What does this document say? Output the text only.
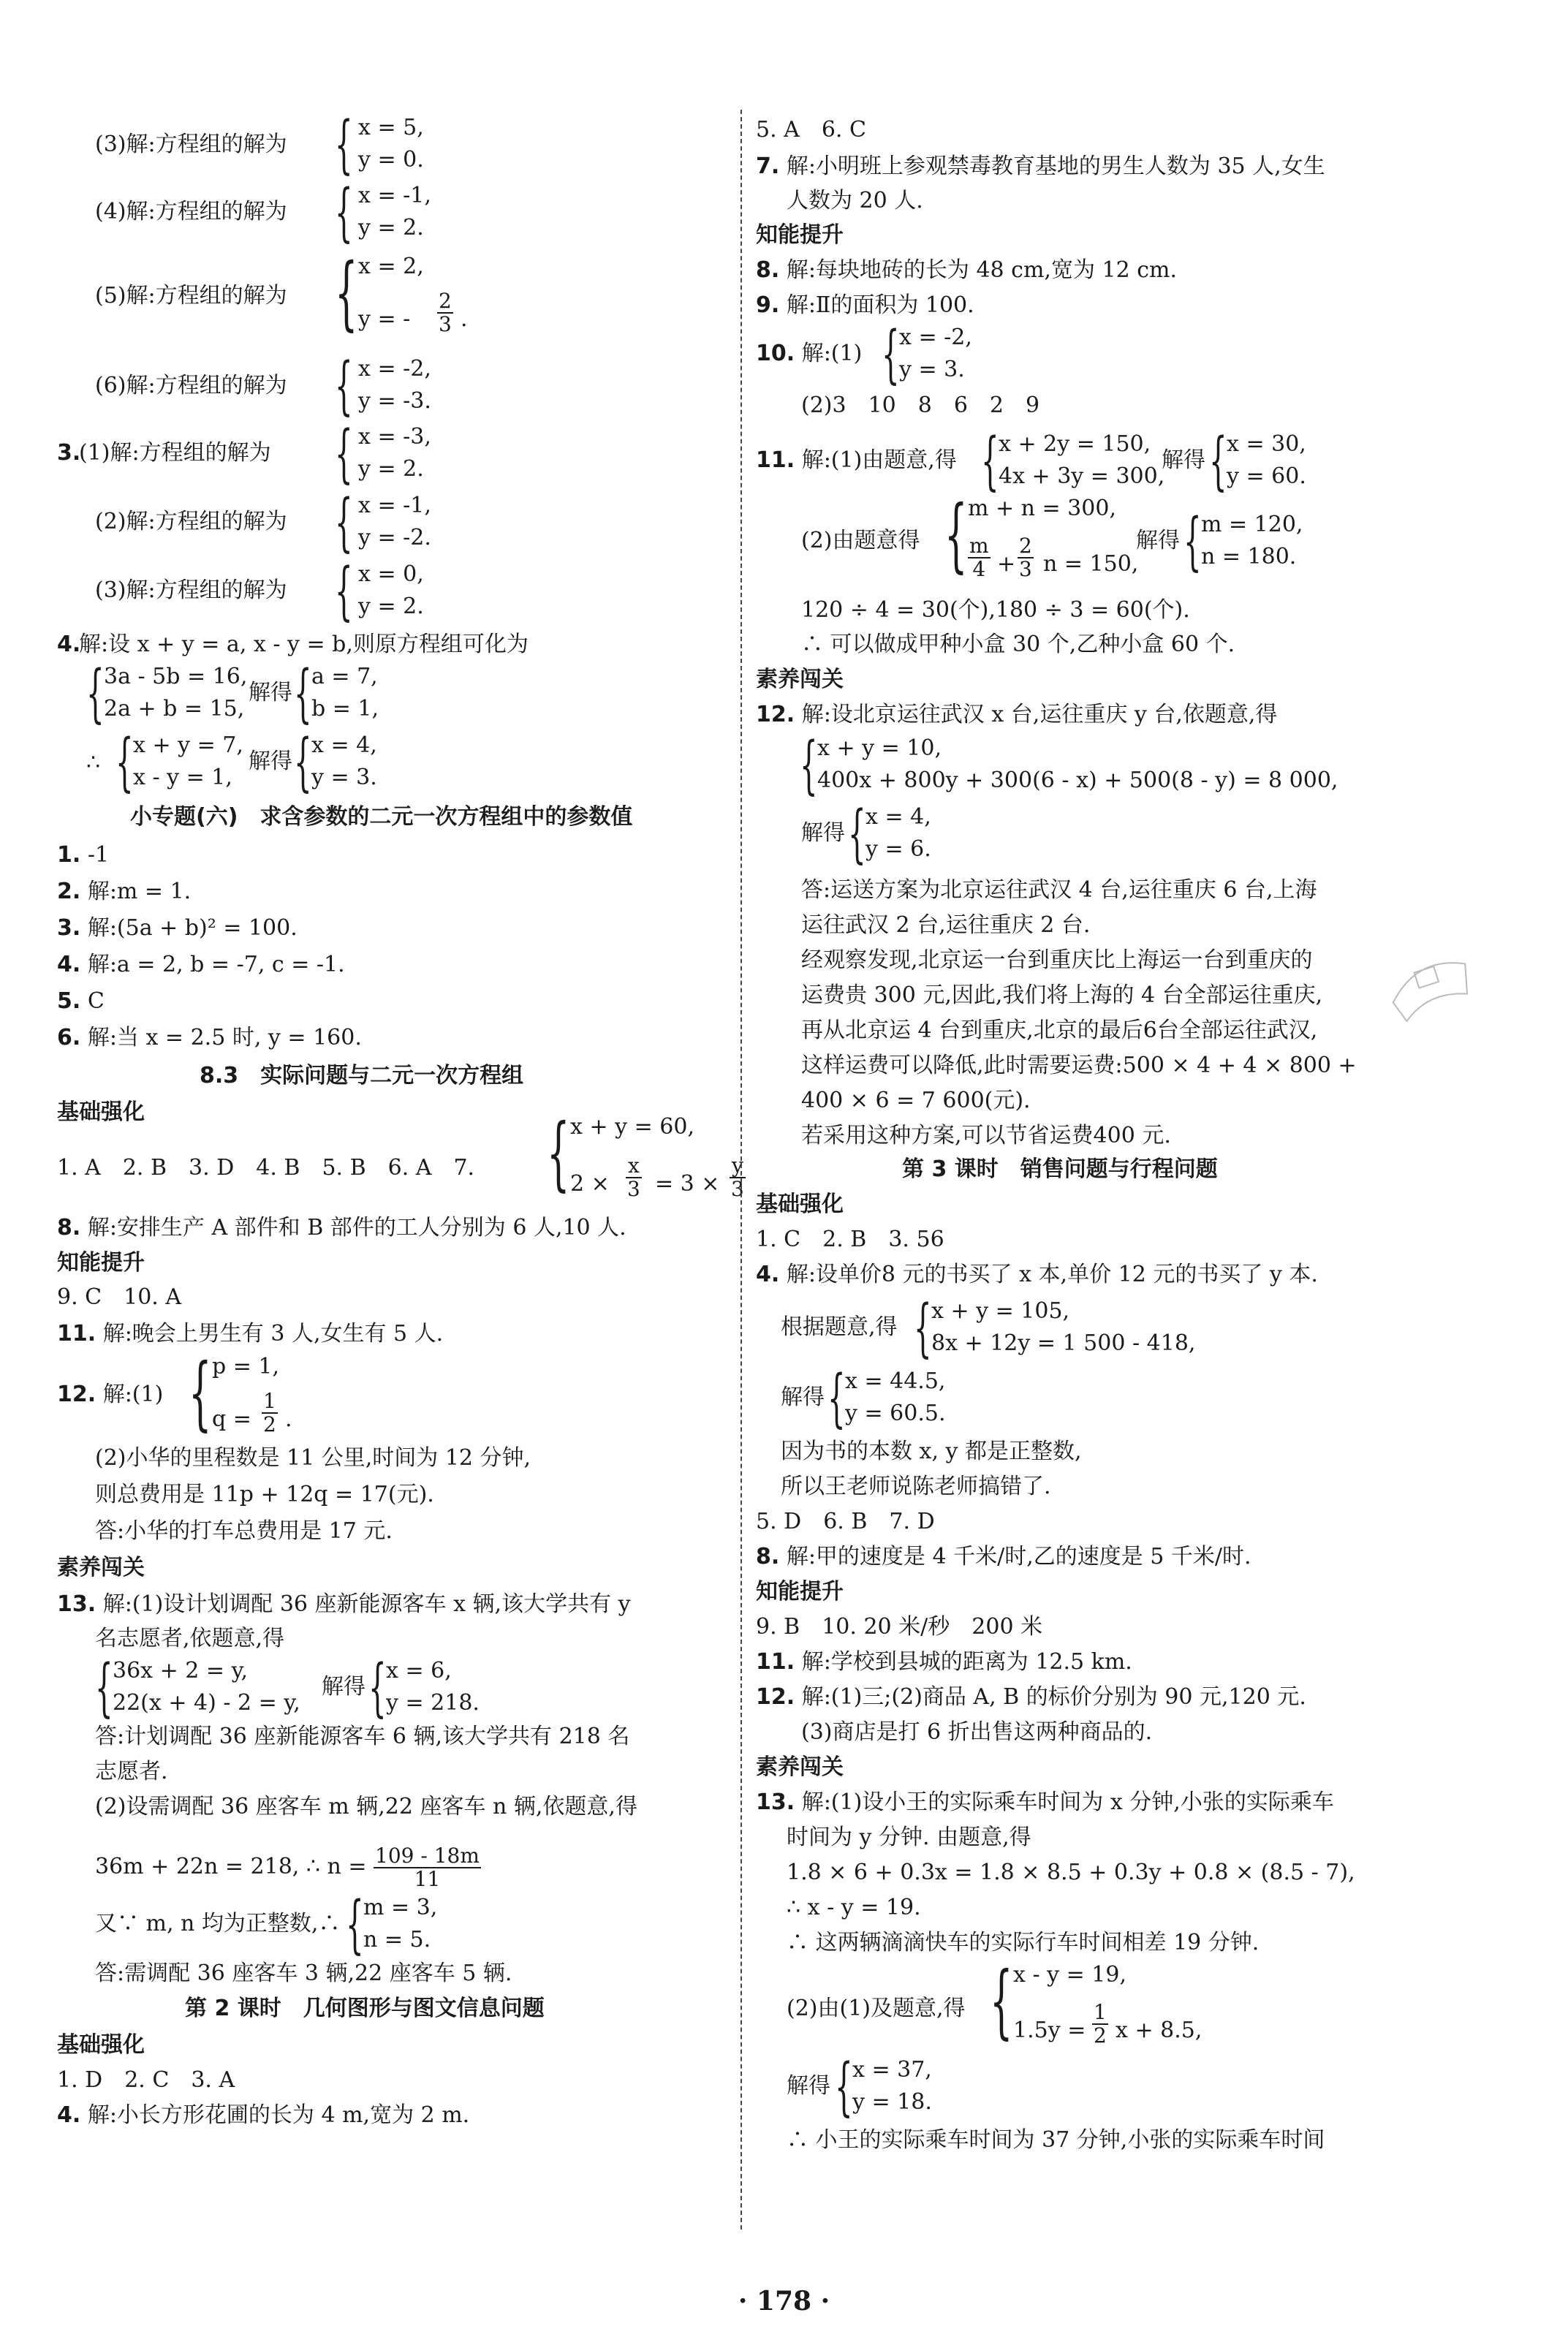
(3)解:方程组的解为 { x = 5,
y = 0.
(4)解:方程组的解为 { x = -1,
y = 2.
(5)解:方程组的解为 { x = 2,
y = - $\frac{2}{3}$ .
(6)解:方程组的解为 { x = -2,
y = -3.
3.
(1)解:方程组的解为 { x = -3,
y = 2.
(2)解:方程组的解为 { x = -1,
y = -2.
(3)解:方程组的解为 { x = 0,
y = 2.
4.
解:设 x + y = a, x - y = b,则原方程组可化为
{ 3a - 5b = 16,
2a + b = 15,
解得 { a = 7,
b = 1,
∴ { x + y = 7,
x - y = 1,
解得 { x = 4,
y = 3.
小专题(六)　求含参数的二元一次方程组中的参数值
1. -1
2. 解:m = 1.
3. 解:(5a + b)² = 100.
4. 解:a = 2, b = -7, c = -1.
5. C
6. 解:当 x = 2.5 时, y = 160.
8.3　实际问题与二元一次方程组
基础强化
1. A　2. B　3. D　4. B　5. B　6. A　7. { x + y = 60,
$2 \times \frac{x}{3} = 3 \times \frac{y}{3}$
8. 解:安排生产 A 部件和 B 部件的工人分别为 6 人,10 人.
知能提升
9. C　10. A
11. 解:晚会上男生有 3 人,女生有 5 人.
12. 解:(1) { p = 1,
$q = \frac{1}{2}$ .
(2)小华的里程数是 11 公里,时间为 12 分钟,
则总费用是 11p + 12q = 17(元).
答:小华的打车总费用是 17 元.
素养闯关
13. 解:(1)设计划调配 36 座新能源客车 x 辆,该大学共有 y
名志愿者,依题意,得
{ 36x + 2 = y,
22(x + 4) - 2 = y,
解得 { x = 6,
y = 218.
答:计划调配 36 座新能源客车 6 辆,该大学共有 218 名
志愿者.
(2)设需调配 36 座客车 m 辆,22 座客车 n 辆,依题意,得
36m + 22n = 218, ∴ $n = \frac{109 - 18m}{11}$
又∵ m, n 均为正整数,∴ { m = 3,
n = 5.
答:需调配 36 座客车 3 辆,22 座客车 5 辆.
第 2 课时　几何图形与图文信息问题
基础强化
1. D　2. C　3. A
4. 解:小长方形花圃的长为 4 m,宽为 2 m.
5. A　6. C
7. 解:小明班上参观禁毒教育基地的男生人数为 35 人,女生
人数为 20 人.
知能提升
8. 解:每块地砖的长为 48 cm,宽为 12 cm.
9. 解:Ⅱ的面积为 100.
10. 解:(1) { x = -2,
y = 3.
(2)3　10　8　6　2　9
11. 解:(1)由题意,得 { x + 2y = 150,
4x + 3y = 300,
解得 { x = 30,
y = 60.
(2)由题意得 { m + n = 300,
$\frac{m}{4} + \frac{2}{3}$ n = 150,
解得 { m = 120,
n = 180.
120 ÷ 4 = 30(个),180 ÷ 3 = 60(个).
∴ 可以做成甲种小盒 30 个,乙种小盒 60 个.
素养闯关
12. 解:设北京运往武汉 x 台,运往重庆 y 台,依题意,得
{ x + y = 10,
400x + 800y + 300(6 - x) + 500(8 - y) = 8 000,
解得 { x = 4,
y = 6.
答:运送方案为北京运往武汉 4 台,运往重庆 6 台,上海
运往武汉 2 台,运往重庆 2 台.
经观察发现,北京运一台到重庆比上海运一台到重庆的
运费贵 300 元,因此,我们将上海的 4 台全部运往重庆,
再从北京运 4 台到重庆,北京的最后6台全部运往武汉,
这样运费可以降低,此时需要运费:500 × 4 + 4 × 800 +
400 × 6 = 7 600(元).
若采用这种方案,可以节省运费400 元.
第 3 课时　销售问题与行程问题
基础强化
1. C　2. B　3. 56
4. 解:设单价8 元的书买了 x 本,单价 12 元的书买了 y 本.
根据题意,得 { x + y = 105,
8x + 12y = 1 500 - 418,
解得 { x = 44.5,
y = 60.5.
因为书的本数 x, y 都是正整数,
所以王老师说陈老师搞错了.
5. D　6. B　7. D
8. 解:甲的速度是 4 千米/时,乙的速度是 5 千米/时.
知能提升
9. B　10. 20 米/秒　200 米
11. 解:学校到县城的距离为 12.5 km.
12. 解:(1)三;(2)商品 A, B 的标价分别为 90 元,120 元.
(3)商店是打 6 折出售这两种商品的.
素养闯关
13. 解:(1)设小王的实际乘车时间为 x 分钟,小张的实际乘车
时间为 y 分钟. 由题意,得
1.8 × 6 + 0.3x = 1.8 × 8.5 + 0.3y + 0.8 × (8.5 - 7),
∴ x - y = 19.
∴ 这两辆滴滴快车的实际行车时间相差 19 分钟.
(2)由(1)及题意,得 { x - y = 19,
$1.5y = \frac{1}{2}$ x + 8.5,
解得 { x = 37,
y = 18.
∴ 小王的实际乘车时间为 37 分钟,小张的实际乘车时间
· 178 ·
